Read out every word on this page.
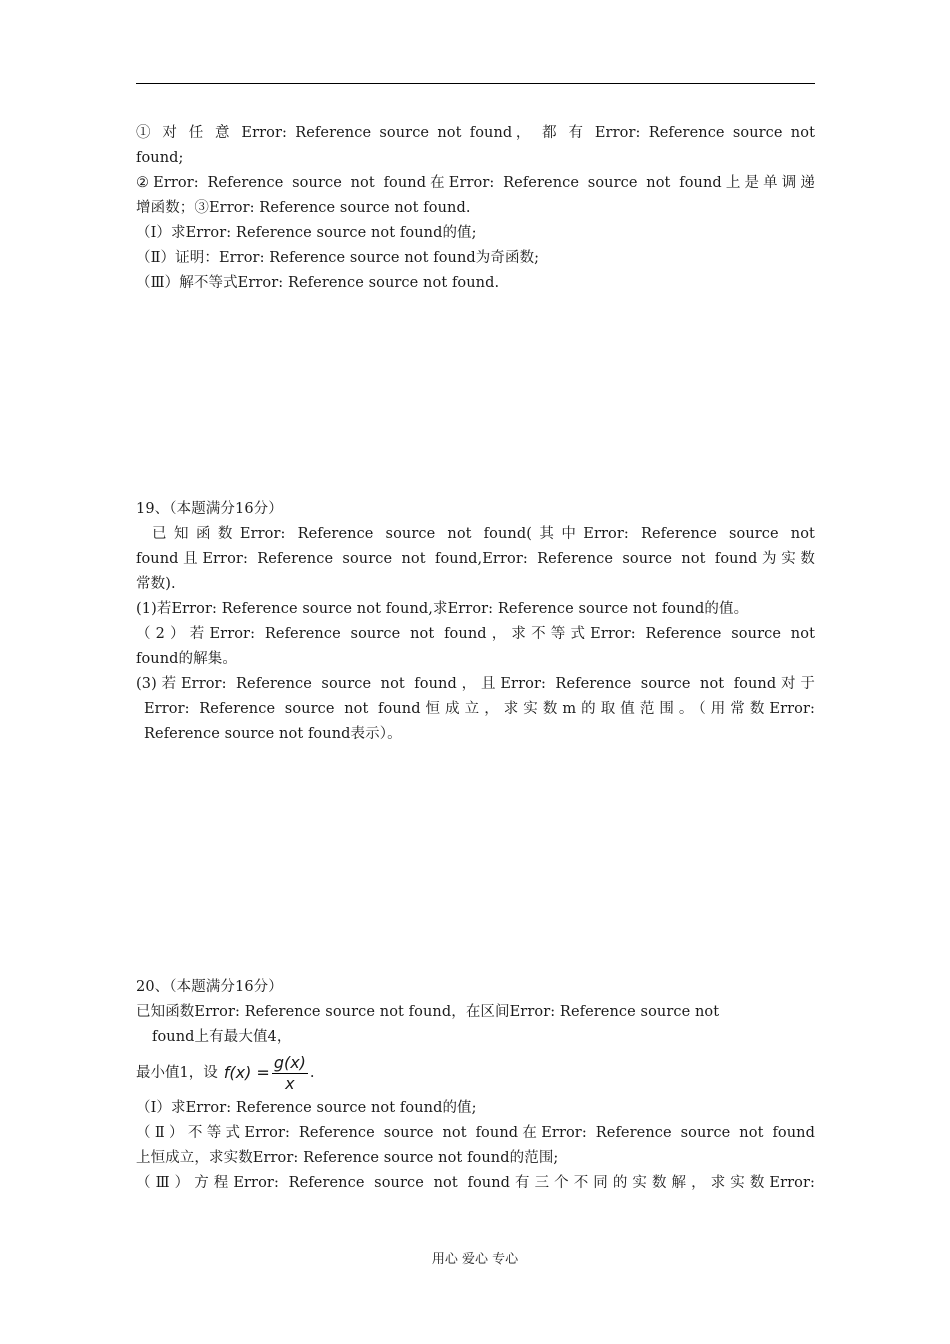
① 对 任 意 Error: Reference source not found， 都 有 Error: Reference source not
found;
②Error: Reference source not found在Error: Reference source not found上是单调递
增函数；③Error: Reference source not found.
（Ⅰ）求Error: Reference source not found的值;
（Ⅱ）证明：Error: Reference source not found为奇函数;
（Ⅲ）解不等式Error: Reference source not found.
19、（本题满分16分）
已知函数Error: Reference source not found(其中Error: Reference source not
found且Error: Reference source not found,Error: Reference source not found为实数
常数).
(1)若Error: Reference source not found,求Error: Reference source not found的值。
（2）若Error: Reference source not found，求不等式Error: Reference source not
found的解集。
(3)若Error: Reference source not found，且Error: Reference source not found对于
Error: Reference source not found恒成立，求实数m的取值范围。（用常数Error:
Reference source not found表示）。
20、（本题满分16分）
已知函数Error: Reference source not found，在区间Error: Reference source not
found上有最大值4，
最小值1，设 $f(x) = \frac{g(x)}{x}$ .
（Ⅰ）求Error: Reference source not found的值;
（Ⅱ）不等式Error: Reference source not found在Error: Reference source not found
上恒成立，求实数Error: Reference source not found的范围;
（Ⅲ）方程Error: Reference source not found有三个不同的实数解，求实数Error:
用心 爱心 专心
